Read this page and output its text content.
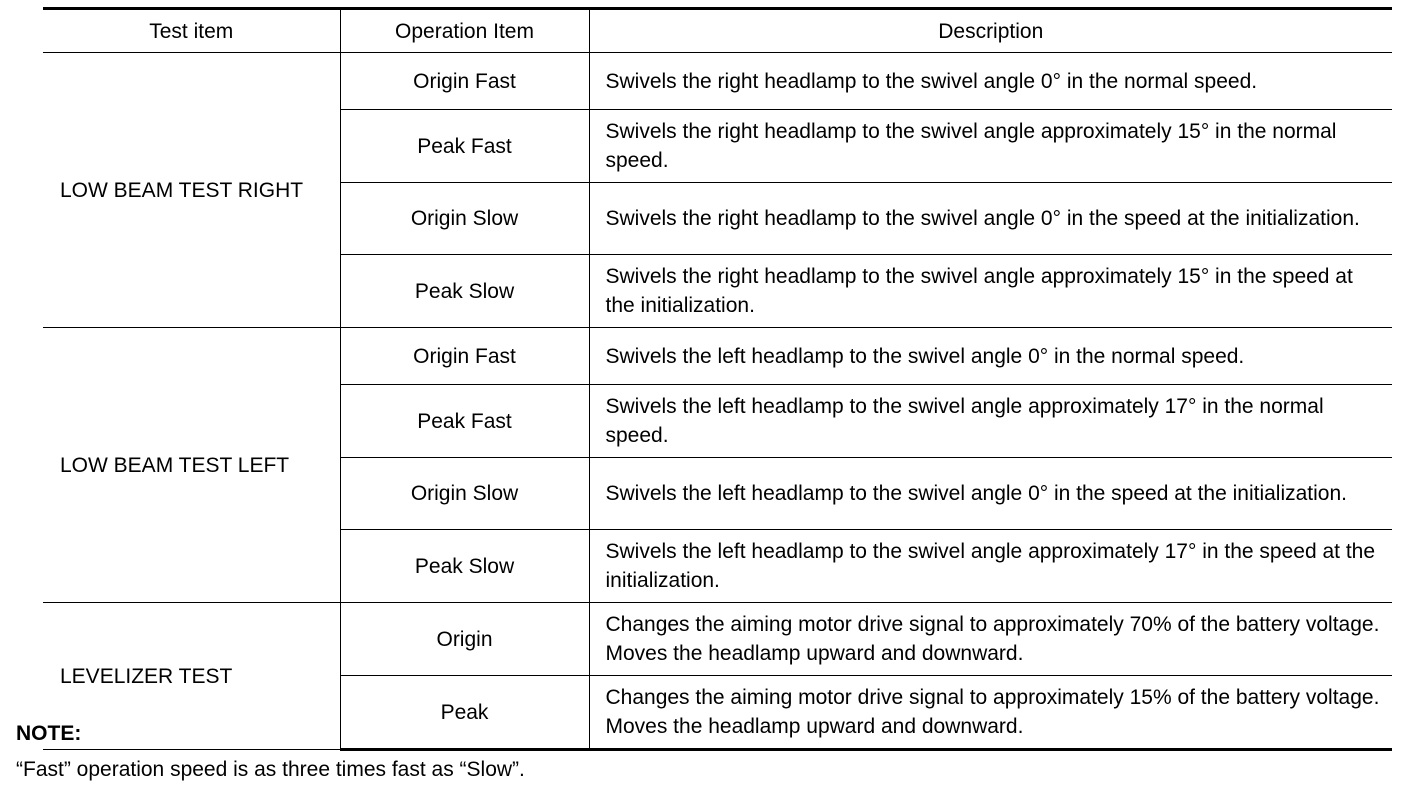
Test item	Operation Item	Description
LOW BEAM TEST RIGHT	Origin Fast	Swivels the right headlamp to the swivel angle 0° in the normal speed.
	Peak Fast	Swivels the right headlamp to the swivel angle approximately 15° in the normal speed.
	Origin Slow	Swivels the right headlamp to the swivel angle 0° in the speed at the initialization.
	Peak Slow	Swivels the right headlamp to the swivel angle approximately 15° in the speed at the initialization.
LOW BEAM TEST LEFT	Origin Fast	Swivels the left headlamp to the swivel angle 0° in the normal speed.
	Peak Fast	Swivels the left headlamp to the swivel angle approximately 17° in the normal speed.
	Origin Slow	Swivels the left headlamp to the swivel angle 0° in the speed at the initialization.
	Peak Slow	Swivels the left headlamp to the swivel angle approximately 17° in the speed at the initialization.
LEVELIZER TEST	Origin	Changes the aiming motor drive signal to approximately 70% of the battery voltage. Moves the headlamp upward and downward.
	Peak	Changes the aiming motor drive signal to approximately 15% of the battery voltage. Moves the headlamp upward and downward.
NOTE:
“Fast” operation speed is as three times fast as “Slow”.
